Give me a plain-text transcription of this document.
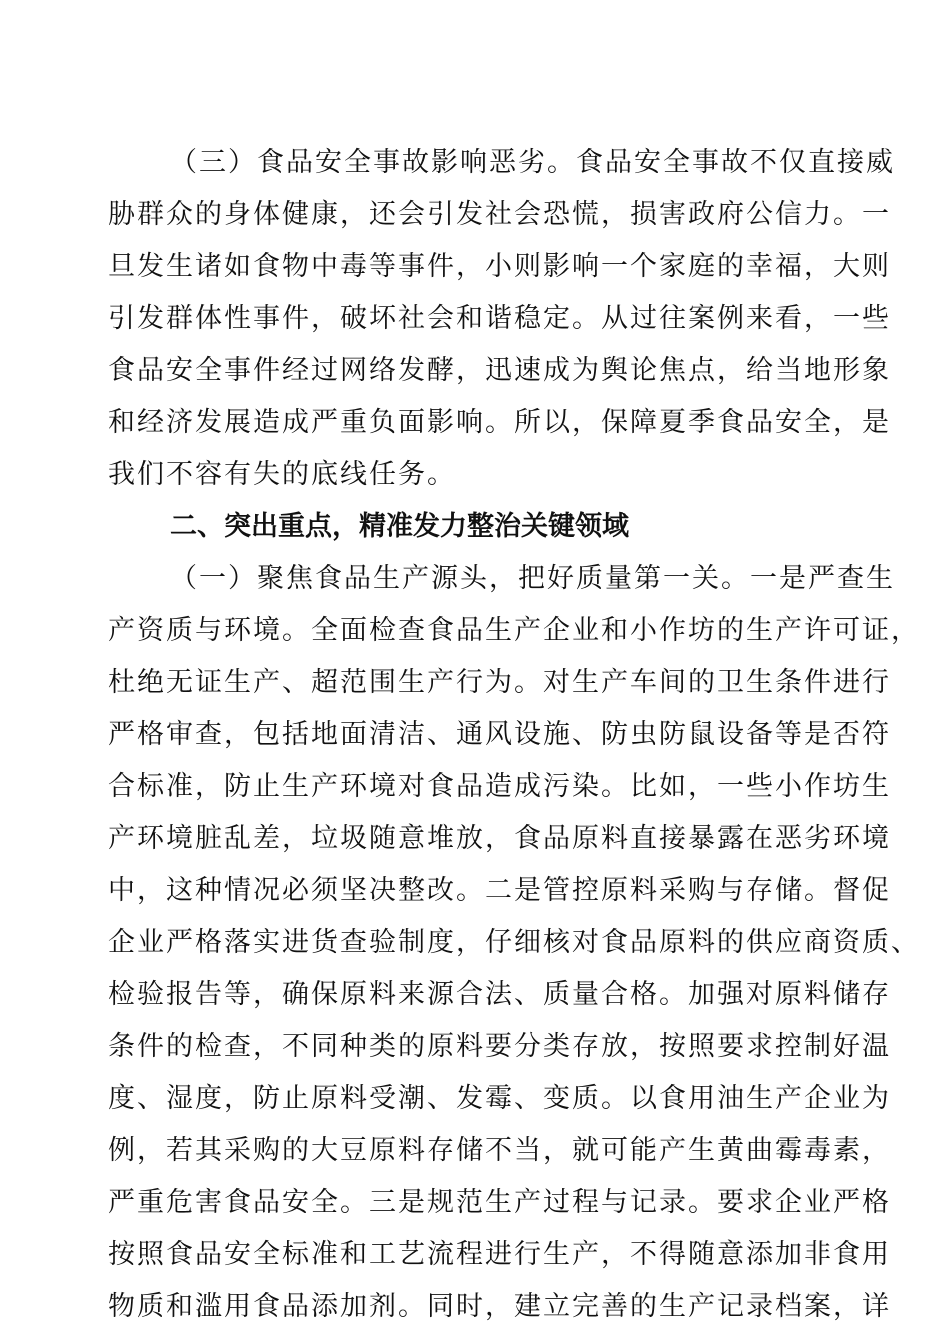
（三）食品安全事故影响恶劣。食品安全事故不仅直接威
胁群众的身体健康，还会引发社会恐慌，损害政府公信力。一
旦发生诸如食物中毒等事件，小则影响一个家庭的幸福，大则
引发群体性事件，破坏社会和谐稳定。从过往案例来看，一些
食品安全事件经过网络发酵，迅速成为舆论焦点，给当地形象
和经济发展造成严重负面影响。所以，保障夏季食品安全，是
我们不容有失的底线任务。
二、突出重点，精准发力整治关键领域
（一）聚焦食品生产源头，把好质量第一关。一是严查生
产资质与环境。全面检查食品生产企业和小作坊的生产许可证，
杜绝无证生产、超范围生产行为。对生产车间的卫生条件进行
严格审查，包括地面清洁、通风设施、防虫防鼠设备等是否符
合标准，防止生产环境对食品造成污染。比如，一些小作坊生
产环境脏乱差，垃圾随意堆放，食品原料直接暴露在恶劣环境
中，这种情况必须坚决整改。二是管控原料采购与存储。督促
企业严格落实进货查验制度，仔细核对食品原料的供应商资质、
检验报告等，确保原料来源合法、质量合格。加强对原料储存
条件的检查，不同种类的原料要分类存放，按照要求控制好温
度、湿度，防止原料受潮、发霉、变质。以食用油生产企业为
例，若其采购的大豆原料存储不当，就可能产生黄曲霉毒素，
严重危害食品安全。三是规范生产过程与记录。要求企业严格
按照食品安全标准和工艺流程进行生产，不得随意添加非食用
物质和滥用食品添加剂。同时，建立完善的生产记录档案，详
